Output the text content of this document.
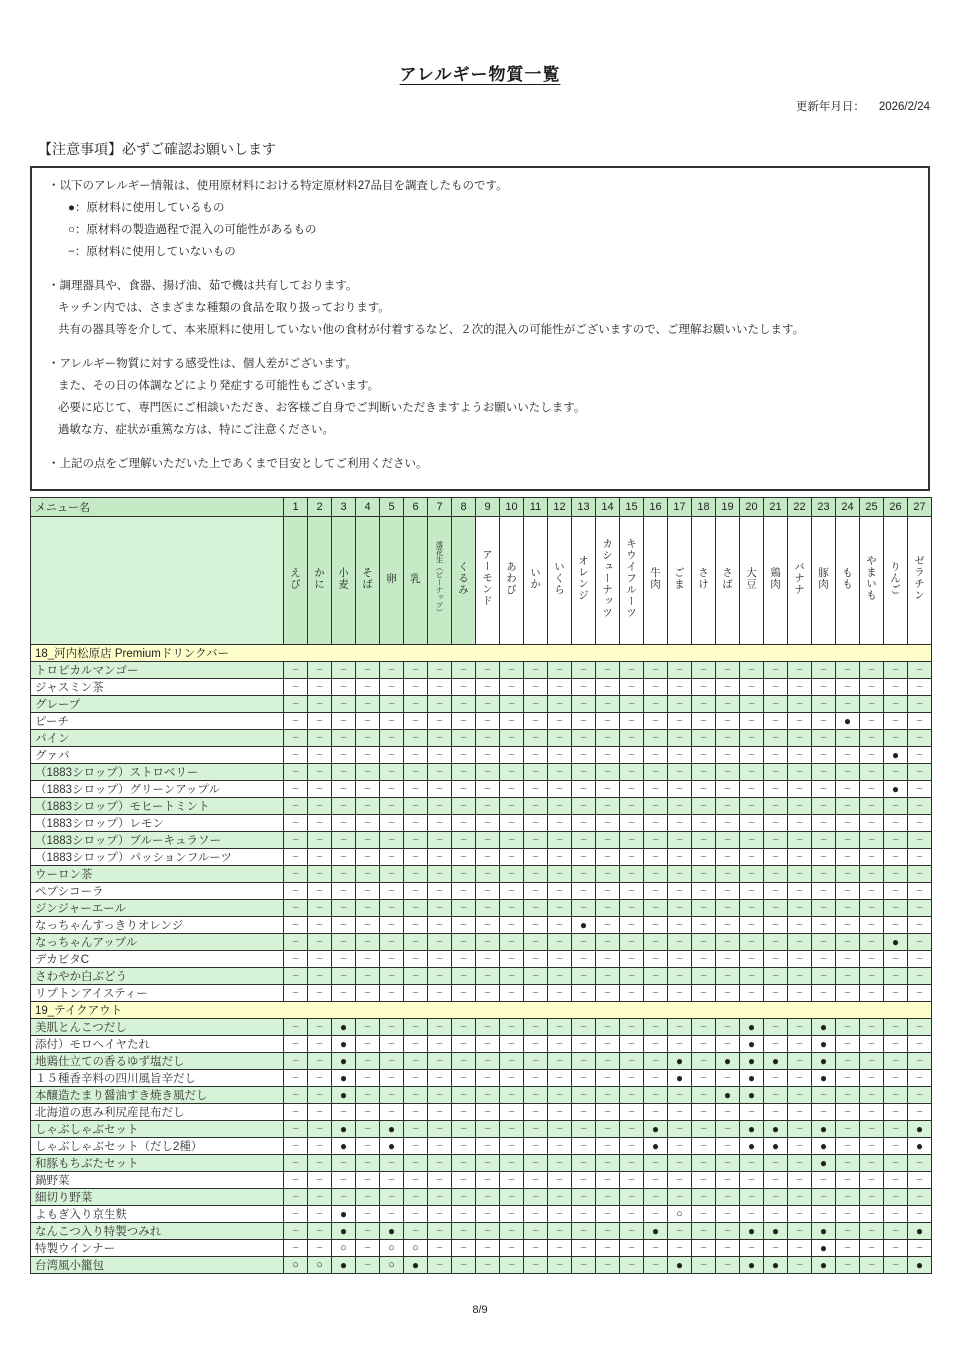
アレルギー物質一覧
更新年月日： 2026/2/24
【注意事項】必ずご確認お願いします
・以下のアレルギー情報は、使用原材料における特定原材料27品目を調査したものです。
●：原材料に使用しているもの
○：原材料の製造過程で混入の可能性があるもの
−：原材料に使用していないもの
・調理器具や、食器、揚げ油、茹で機は共有しております。
キッチン内では、さまざまな種類の食品を取り扱っております。
共有の器具等を介して、本来原料に使用していない他の食材が付着するなど、２次的混入の可能性がございますので、ご理解お願いいたします。
・アレルギー物質に対する感受性は、個人差がございます。
また、その日の体調などにより発症する可能性もございます。
必要に応じて、専門医にご相談いただき、お客様ご自身でご判断いただきますようお願いいたします。
過敏な方、症状が重篤な方は、特にご注意ください。
・上記の点をご理解いただいた上であくまで目安としてご利用ください。
メニュー名	1	2	3	4	5	6	7	8	9	10	11	12	13	14	15	16	17	18	19	20	21	22	23	24	25	26	27
	えび	かに	小麦	そば	卵	乳	落花生（ピーナッツ）	くるみ	アーモンド	あわび	いか	いくら	オレンジ	カシューナッツ	キウイフルーツ	牛肉	ごま	さけ	さば	大豆	鶏肉	バナナ	豚肉	もも	やまいも	りんご	ゼラチン
18_河内松原店 Premiumドリンクバー																											
トロピカルマンゴー	−	−	−	−	−	−	−	−	−	−	−	−	−	−	−	−	−	−	−	−	−	−	−	−	−	−	−
ジャスミン茶	−	−	−	−	−	−	−	−	−	−	−	−	−	−	−	−	−	−	−	−	−	−	−	−	−	−	−
グレープ	−	−	−	−	−	−	−	−	−	−	−	−	−	−	−	−	−	−	−	−	−	−	−	−	−	−	−
ピーチ	−	−	−	−	−	−	−	−	−	−	−	−	−	−	−	−	−	−	−	−	−	−	−	●	−	−	−
パイン	−	−	−	−	−	−	−	−	−	−	−	−	−	−	−	−	−	−	−	−	−	−	−	−	−	−	−
グァバ	−	−	−	−	−	−	−	−	−	−	−	−	−	−	−	−	−	−	−	−	−	−	−	−	−	●	−
（1883シロップ）ストロベリー	−	−	−	−	−	−	−	−	−	−	−	−	−	−	−	−	−	−	−	−	−	−	−	−	−	−	−
（1883シロップ）グリーンアップル	−	−	−	−	−	−	−	−	−	−	−	−	−	−	−	−	−	−	−	−	−	−	−	−	−	●	−
（1883シロップ）モヒートミント	−	−	−	−	−	−	−	−	−	−	−	−	−	−	−	−	−	−	−	−	−	−	−	−	−	−	−
（1883シロップ）レモン	−	−	−	−	−	−	−	−	−	−	−	−	−	−	−	−	−	−	−	−	−	−	−	−	−	−	−
（1883シロップ）ブルーキュラソー	−	−	−	−	−	−	−	−	−	−	−	−	−	−	−	−	−	−	−	−	−	−	−	−	−	−	−
（1883シロップ）パッションフルーツ	−	−	−	−	−	−	−	−	−	−	−	−	−	−	−	−	−	−	−	−	−	−	−	−	−	−	−
ウーロン茶	−	−	−	−	−	−	−	−	−	−	−	−	−	−	−	−	−	−	−	−	−	−	−	−	−	−	−
ペプシコーラ	−	−	−	−	−	−	−	−	−	−	−	−	−	−	−	−	−	−	−	−	−	−	−	−	−	−	−
ジンジャーエール	−	−	−	−	−	−	−	−	−	−	−	−	−	−	−	−	−	−	−	−	−	−	−	−	−	−	−
なっちゃんすっきりオレンジ	−	−	−	−	−	−	−	−	−	−	−	−	●	−	−	−	−	−	−	−	−	−	−	−	−	−	−
なっちゃんアップル	−	−	−	−	−	−	−	−	−	−	−	−	−	−	−	−	−	−	−	−	−	−	−	−	−	●	−
デカビタC	−	−	−	−	−	−	−	−	−	−	−	−	−	−	−	−	−	−	−	−	−	−	−	−	−	−	−
さわやか白ぶどう	−	−	−	−	−	−	−	−	−	−	−	−	−	−	−	−	−	−	−	−	−	−	−	−	−	−	−
リプトンアイスティー	−	−	−	−	−	−	−	−	−	−	−	−	−	−	−	−	−	−	−	−	−	−	−	−	−	−	−
19_テイクアウト																											
美肌とんこつだし	−	−	●	−	−	−	−	−	−	−	−	−	−	−	−	−	−	−	−	●	−	−	●	−	−	−	−
添付）モロヘイヤたれ	−	−	●	−	−	−	−	−	−	−	−	−	−	−	−	−	−	−	−	●	−	−	●	−	−	−	−
地鶏仕立ての香るゆず塩だし	−	−	●	−	−	−	−	−	−	−	−	−	−	−	−	−	●	−	●	●	●	−	●	−	−	−	−
１５種香辛料の四川風旨辛だし	−	−	●	−	−	−	−	−	−	−	−	−	−	−	−	−	●	−	−	●	−	−	●	−	−	−	−
本醸造たまり醤油すき焼き風だし	−	−	●	−	−	−	−	−	−	−	−	−	−	−	−	−	−	−	●	●	−	−	−	−	−	−	−
北海道の恵み利尻産昆布だし	−	−	−	−	−	−	−	−	−	−	−	−	−	−	−	−	−	−	−	−	−	−	−	−	−	−	−
しゃぶしゃぶセット	−	−	●	−	●	−	−	−	−	−	−	−	−	−	−	●	−	−	−	●	●	−	●	−	−	−	●
しゃぶしゃぶセット（だし2種）	−	−	●	−	●	−	−	−	−	−	−	−	−	−	−	●	−	−	−	●	●	−	●	−	−	−	●
和豚もちぶたセット	−	−	−	−	−	−	−	−	−	−	−	−	−	−	−	−	−	−	−	−	−	−	●	−	−	−	−
鍋野菜	−	−	−	−	−	−	−	−	−	−	−	−	−	−	−	−	−	−	−	−	−	−	−	−	−	−	−
細切り野菜	−	−	−	−	−	−	−	−	−	−	−	−	−	−	−	−	−	−	−	−	−	−	−	−	−	−	−
よもぎ入り京生麩	−	−	●	−	−	−	−	−	−	−	−	−	−	−	−	−	○	−	−	−	−	−	−	−	−	−	−
なんこつ入り特製つみれ	−	−	●	−	●	−	−	−	−	−	−	−	−	−	−	●	−	−	−	●	●	−	●	−	−	−	●
特製ウインナー	−	−	○	−	○	○	−	−	−	−	−	−	−	−	−	−	−	−	−	−	−	−	●	−	−	−	−
台湾風小籠包	○	○	●	−	○	●	−	−	−	−	−	−	−	−	−	−	●	−	−	●	●	−	●	−	−	−	●
8/9
